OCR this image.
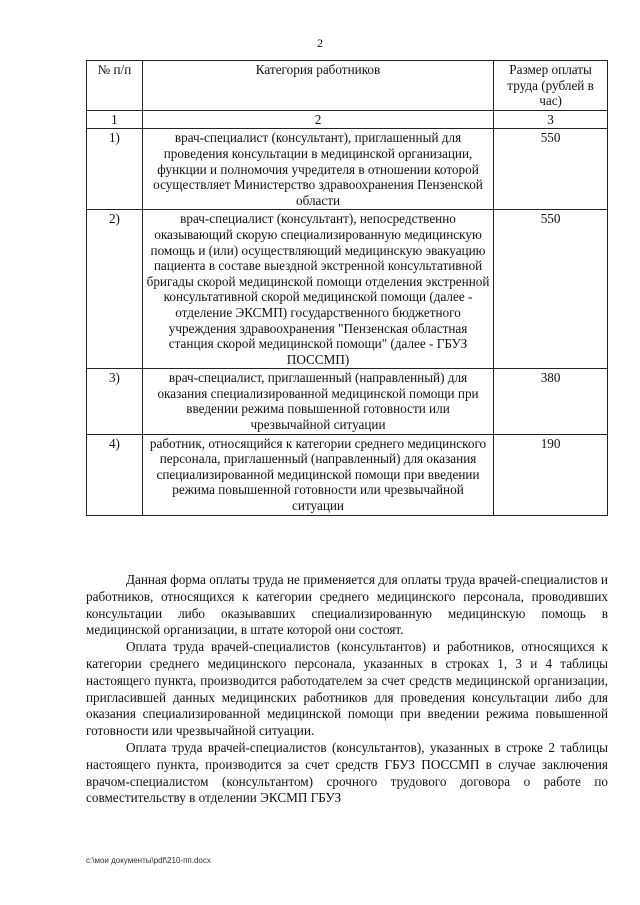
2
№ п/п	Категория работников	Размер оплаты труда (рублей в час)
1	2	3
1)	врач-специалист (консультант), приглашенный для проведения консультации в медицинской организации, функции и полномочия учредителя в отношении которой осуществляет Министерство здравоохранения Пензенской области	550
2)	врач-специалист (консультант), непосредственно оказывающий скорую специализированную медицинскую помощь и (или) осуществляющий медицинскую эвакуацию пациента в составе выездной экстренной консультативной бригады скорой медицинской помощи отделения экстренной консультативной скорой медицинской помощи (далее - отделение ЭКСМП) государственного бюджетного учреждения здравоохранения "Пензенская областная станция скорой медицинской помощи" (далее - ГБУЗ ПОССМП)	550
3)	врач-специалист, приглашенный (направленный) для оказания специализированной медицинской помощи при введении режима повышенной готовности или чрезвычайной ситуации	380
4)	работник, относящийся к категории среднего медицинского персонала, приглашенный (направленный) для оказания специализированной медицинской помощи при введении режима повышенной готовности или чрезвычайной ситуации	190

Данная форма оплаты труда не применяется для оплаты труда врачей-специалистов и работников, относящихся к категории среднего медицинского персонала, проводивших консультации либо оказывавших специализированную медицинскую помощь в медицинской организации, в штате которой они состоят.

Оплата труда врачей-специалистов (консультантов) и работников, относящихся к категории среднего медицинского персонала, указанных в строках 1, 3 и 4 таблицы настоящего пункта, производится работодателем за счет средств медицинской организации, пригласившей данных медицинских работников для проведения консультации либо для оказания специализированной медицинской помощи при введении режима повышенной готовности или чрезвычайной ситуации.

Оплата труда врачей-специалистов (консультантов), указанных в строке 2 таблицы настоящего пункта, производится за счет средств ГБУЗ ПОССМП в случае заключения врачом-специалистом (консультантом) срочного трудового договора о работе по совместительству в отделении ЭКСМП ГБУЗ

c:\мои документы\pdf\210-пп.docx
